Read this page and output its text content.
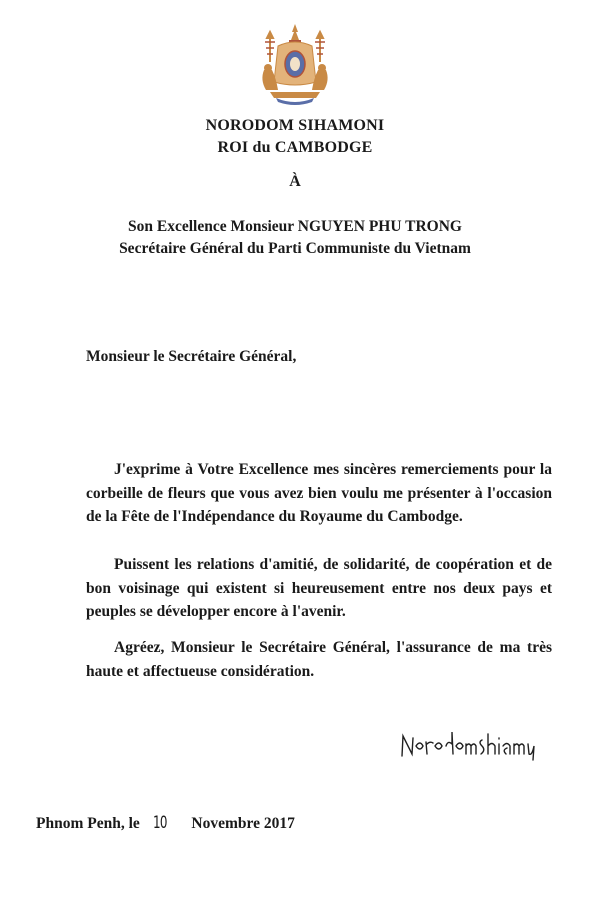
NORODOM SIHAMONI
ROI du CAMBODGE
À
Son Excellence Monsieur NGUYEN PHU TRONG
Secrétaire Général du Parti Communiste du Vietnam
Monsieur le Secrétaire Général,
J'exprime à Votre Excellence mes sincères remerciements pour la corbeille de fleurs que vous avez bien voulu me présenter à l'occasion de la Fête de l'Indépendance du Royaume du Cambodge.
Puissent les relations d'amitié, de solidarité, de coopération et de bon voisinage qui existent si heureusement entre nos deux pays et peuples se développer encore à l'avenir.
Agréez, Monsieur le Secrétaire Général, l'assurance de ma très haute et affectueuse considération.
Phnom Penh, le 10 Novembre 2017
